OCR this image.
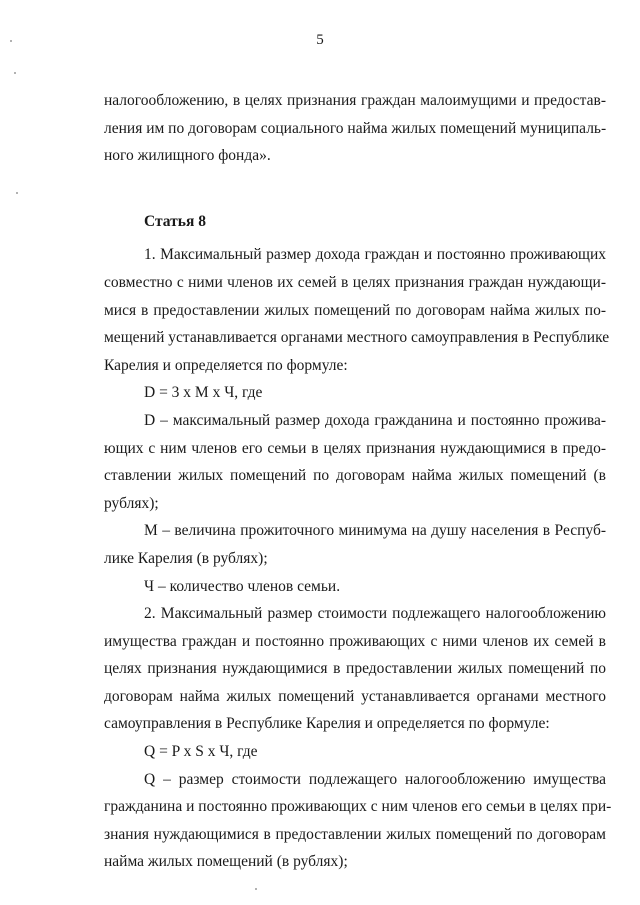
5
налогообложению, в целях признания граждан малоимущими и предостав-
ления им по договорам социального найма жилых помещений муниципаль-
ного жилищного фонда».
Статья 8
1. Максимальный размер дохода граждан и постоянно проживающих
совместно с ними членов их семей в целях признания граждан нуждающи-
мися в предоставлении жилых помещений по договорам найма жилых по-
мещений устанавливается органами местного самоуправления в Республике
Карелия и определяется по формуле:
D = 3 x M x Ч, где
D – максимальный размер дохода гражданина и постоянно прожива-
ющих с ним членов его семьи в целях признания нуждающимися в предо-
ставлении жилых помещений по договорам найма жилых помещений (в
рублях);
M – величина прожиточного минимума на душу населения в Респуб-
лике Карелия (в рублях);
Ч – количество членов семьи.
2. Максимальный размер стоимости подлежащего налогообложению
имущества граждан и постоянно проживающих с ними членов их семей в
целях признания нуждающимися в предоставлении жилых помещений по
договорам найма жилых помещений устанавливается органами местного
самоуправления в Республике Карелия и определяется по формуле:
Q = P x S x Ч, где
Q – размер стоимости подлежащего налогообложению имущества
гражданина и постоянно проживающих с ним членов его семьи в целях при-
знания нуждающимися в предоставлении жилых помещений по договорам
найма жилых помещений (в рублях);
